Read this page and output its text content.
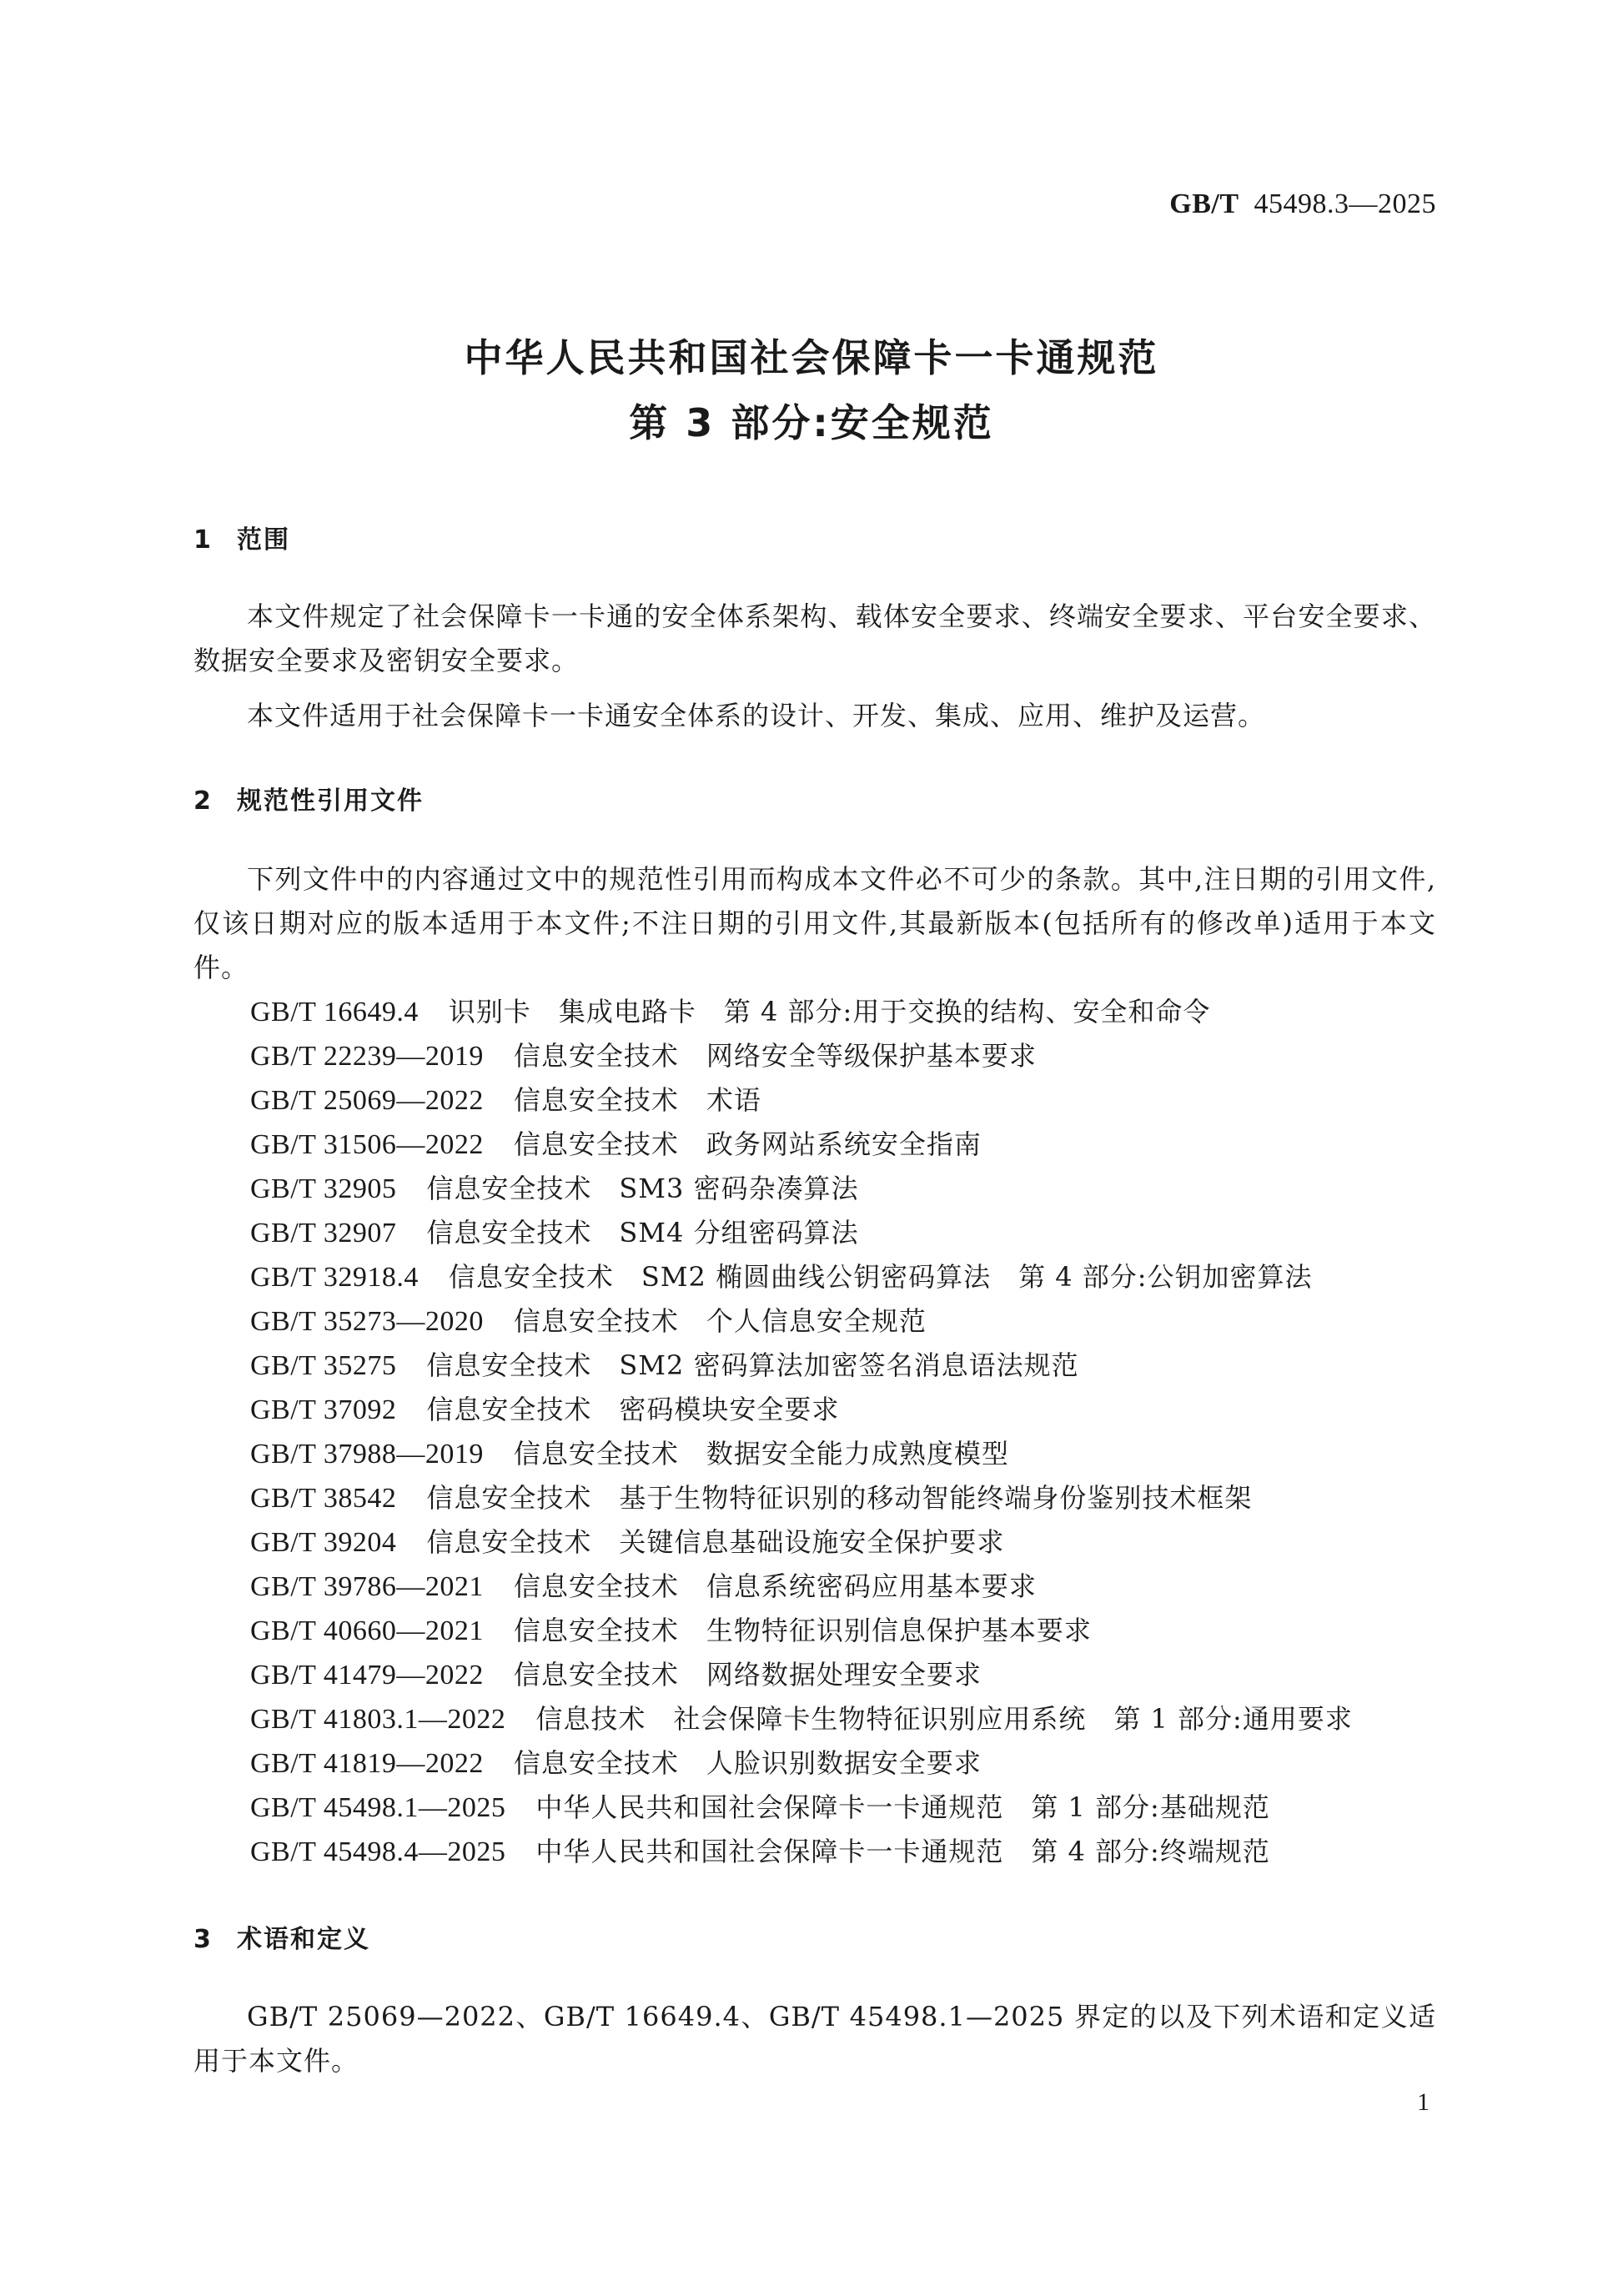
GB/T 45498.3—2025
中华人民共和国社会保障卡一卡通规范
第 3 部分:安全规范
1 范围

本文件规定了社会保障卡一卡通的安全体系架构、载体安全要求、终端安全要求、平台安全要求、数据安全要求及密钥安全要求。

本文件适用于社会保障卡一卡通安全体系的设计、开发、集成、应用、维护及运营。

2 规范性引用文件

下列文件中的内容通过文中的规范性引用而构成本文件必不可少的条款。其中,注日期的引用文件,仅该日期对应的版本适用于本文件;不注日期的引用文件,其最新版本(包括所有的修改单)适用于本文件。

GB/T 16649.4 识别卡　集成电路卡　第 4 部分:用于交换的结构、安全和命令
GB/T 22239—2019 信息安全技术　网络安全等级保护基本要求
GB/T 25069—2022 信息安全技术　术语
GB/T 31506—2022 信息安全技术　政务网站系统安全指南
GB/T 32905 信息安全技术　SM3 密码杂凑算法
GB/T 32907 信息安全技术　SM4 分组密码算法
GB/T 32918.4 信息安全技术　SM2 椭圆曲线公钥密码算法　第 4 部分:公钥加密算法
GB/T 35273—2020 信息安全技术　个人信息安全规范
GB/T 35275 信息安全技术　SM2 密码算法加密签名消息语法规范
GB/T 37092 信息安全技术　密码模块安全要求
GB/T 37988—2019 信息安全技术　数据安全能力成熟度模型
GB/T 38542 信息安全技术　基于生物特征识别的移动智能终端身份鉴别技术框架
GB/T 39204 信息安全技术　关键信息基础设施安全保护要求
GB/T 39786—2021 信息安全技术　信息系统密码应用基本要求
GB/T 40660—2021 信息安全技术　生物特征识别信息保护基本要求
GB/T 41479—2022 信息安全技术　网络数据处理安全要求
GB/T 41803.1—2022 信息技术　社会保障卡生物特征识别应用系统　第 1 部分:通用要求
GB/T 41819—2022 信息安全技术　人脸识别数据安全要求
GB/T 45498.1—2025 中华人民共和国社会保障卡一卡通规范　第 1 部分:基础规范
GB/T 45498.4—2025 中华人民共和国社会保障卡一卡通规范　第 4 部分:终端规范
3 术语和定义

GB/T 25069—2022、GB/T 16649.4、GB/T 45498.1—2025 界定的以及下列术语和定义适用于本文件。

1
